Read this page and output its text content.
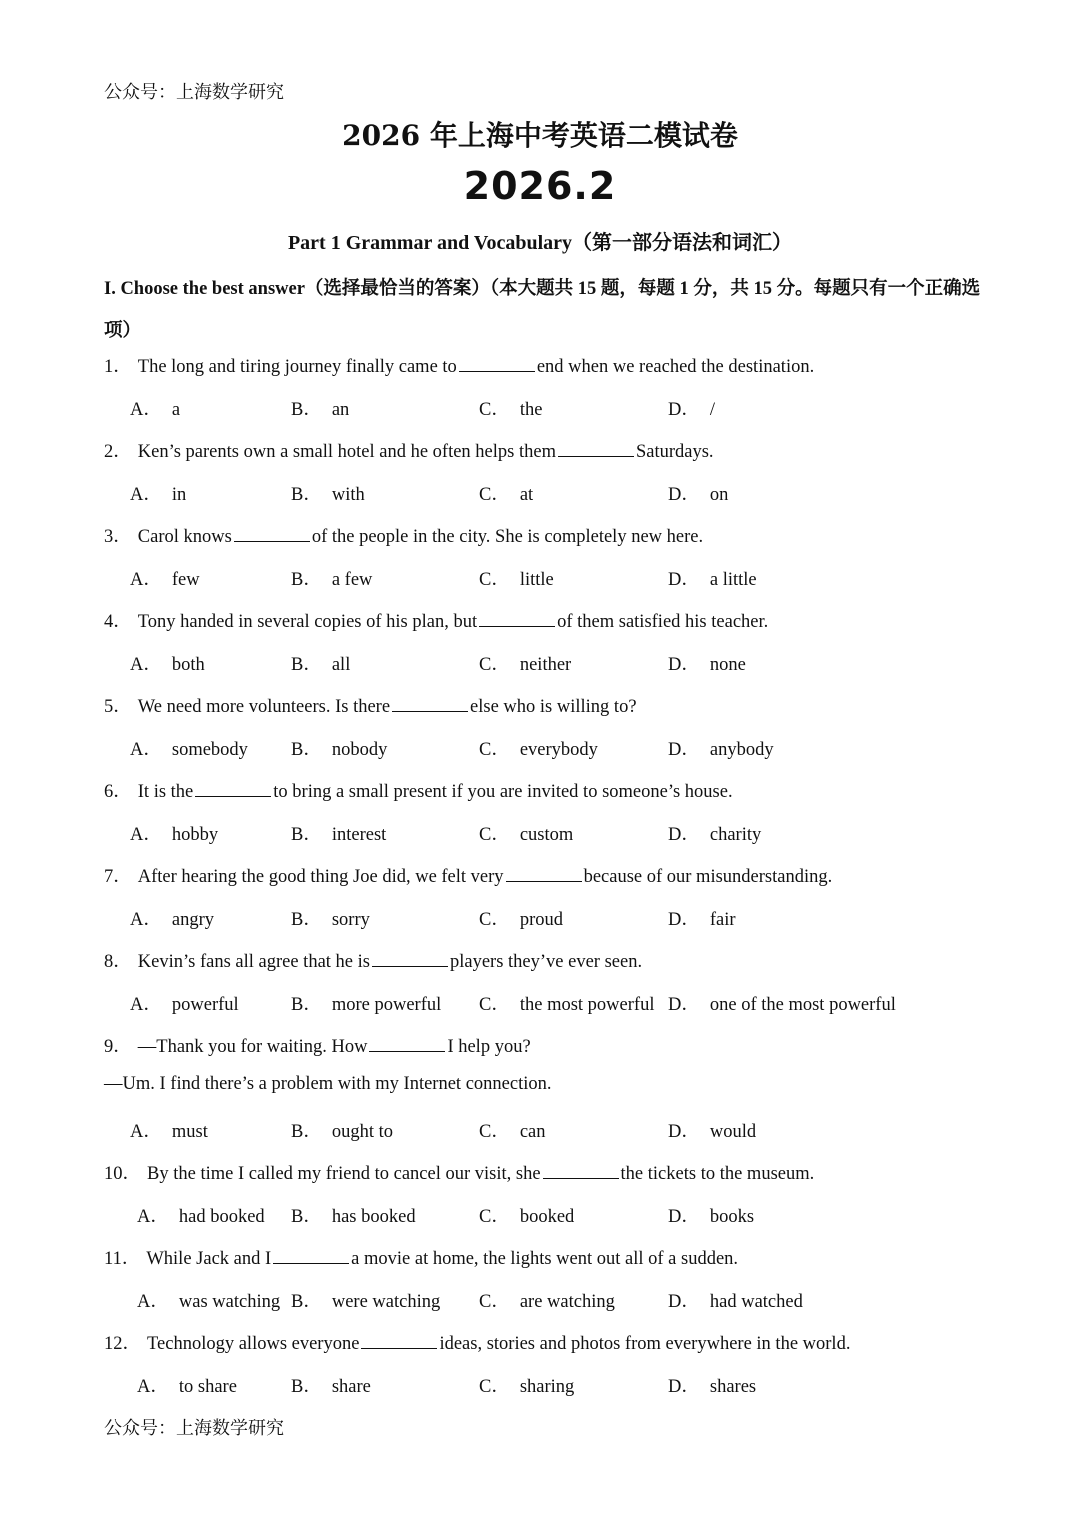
公众号：上海数学研究
2026 年上海中考英语二模试卷
2026.2
Part 1 Grammar and Vocabulary（第一部分语法和词汇）
I. Choose the best answer（选择最恰当的答案）（本大题共 15 题，每题 1 分，共 15 分。每题只有一个正确选项）
1． The long and tiring journey finally came to	end when we reached the destination.
A． a	B． an	C． the	D． /
2． Ken’s parents own a small hotel and he often helps them	Saturdays.
A． in	B． with	C． at	D． on
3． Carol knows	of the people in the city. She is completely new here.
A． few	B． a few	C． little	D． a little
4． Tony handed in several copies of his plan, but	of them satisfied his teacher.
A． both	B． all	C． neither	D． none
5． We need more volunteers. Is there	else who is willing to?
A． somebody B． nobody	C． everybody	D． anybody
6． It is the	to bring a small present if you are invited to someone’s house.
A． hobby	B． interest	C． custom	D． charity
7． After hearing the good thing Joe did, we felt very	because of our misunderstanding.
A． angry	B． sorry	C． proud	D． fair
8． Kevin’s fans all agree that he is	players they’ve ever seen.
A． powerful	B． more powerful C． the most powerful D． one of the most powerful
9． —Thank you for waiting. How	I help you?
—Um. I find there’s a problem with my Internet connection.
A． must	B． ought to	C． can	D． would
10． By the time I called my friend to cancel our visit, she	the tickets to the museum.
A． had booked B． has booked	C． booked	D． books
11． While Jack and I	a movie at home, the lights went out all of a sudden.
A． was watching B． were watching C． are watching	D． had watched
12． Technology allows everyone	ideas, stories and photos from everywhere in the world.
A． to share	B． share	C． sharing	D． shares
公众号：上海数学研究
